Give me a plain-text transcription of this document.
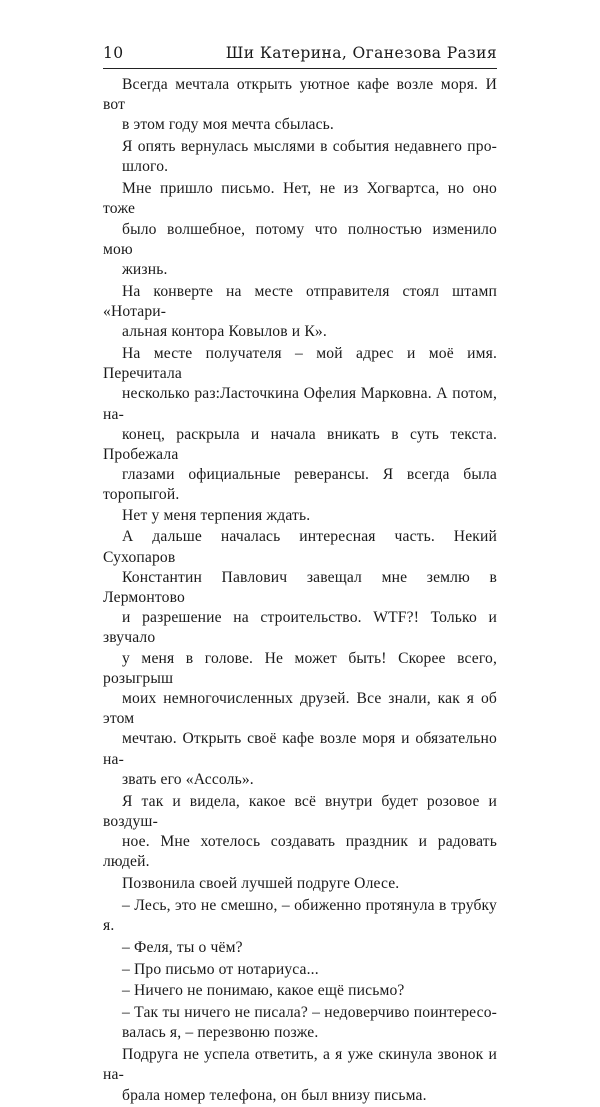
10	Ши Катерина, Оганезова Разия

Всегда мечтала открыть уютное кафе возле моря. И вот
в этом году моя мечта сбылась.

Я опять вернулась мыслями в события недавнего про-
шлого.

Мне пришло письмо. Нет, не из Хогвартса, но оно тоже
было волшебное, потому что полностью изменило мою
жизнь.

На конверте на месте отправителя стоял штамп «Нотари-
альная контора Ковылов и К».

На месте получателя – мой адрес и моё имя. Перечитала
несколько раз:Ласточкина Офелия Марковна. А потом, на-
конец, раскрыла и начала вникать в суть текста. Пробежала
глазами официальные реверансы. Я всегда была торопыгой.
Нет у меня терпения ждать.

А дальше началась интересная часть. Некий Сухопаров
Константин Павлович завещал мне землю в Лермонтово
и разрешение на строительство. WTF?! Только и звучало
у меня в голове. Не может быть! Скорее всего, розыгрыш
моих немногочисленных друзей. Все знали, как я об этом
мечтаю. Открыть своё кафе возле моря и обязательно на-
звать его «Ассоль».

Я так и видела, какое всё внутри будет розовое и воздуш-
ное. Мне хотелось создавать праздник и радовать людей.

Позвонила своей лучшей подруге Олесе.

– Лесь, это не смешно, – обиженно протянула в трубку я.

– Феля, ты о чём?

– Про письмо от нотариуса...

– Ничего не понимаю, какое ещё письмо?

– Так ты ничего не писала? – недоверчиво поинтересо-
валась я, – перезвоню позже.

Подруга не успела ответить, а я уже скинула звонок и на-
брала номер телефона, он был внизу письма.
